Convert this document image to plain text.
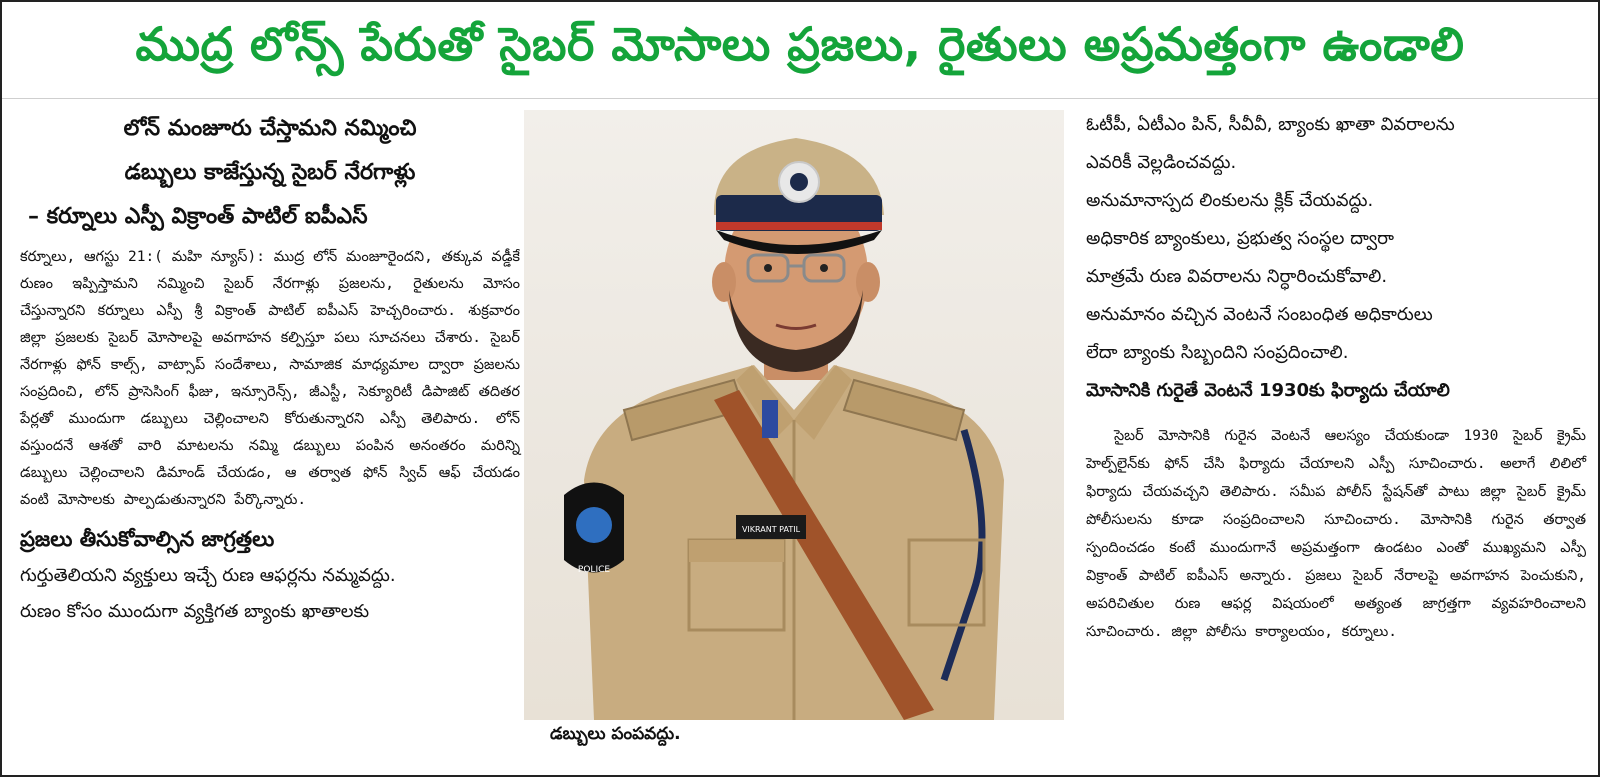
ముద్ర లోన్స్ పేరుతో సైబర్ మోసాలు ప్రజలు, రైతులు అప్రమత్తంగా ఉండాలి
లోన్ మంజూరు చేస్తామని నమ్మించి
డబ్బులు కాజేస్తున్న సైబర్ నేరగాళ్లు
– కర్నూలు ఎస్పీ విక్రాంత్ పాటిల్ ఐపీఎస్

కర్నూలు, ఆగస్టు 21:( మహి న్యూస్): ముద్ర లోన్ మంజూరైందని, తక్కువ వడ్డీకే రుణం ఇప్పిస్తామని నమ్మించి సైబర్ నేరగాళ్లు ప్రజలను, రైతులను మోసం చేస్తున్నారని కర్నూలు ఎస్పీ శ్రీ విక్రాంత్ పాటిల్ ఐపీఎస్ హెచ్చరించారు. శుక్రవారం జిల్లా ప్రజలకు సైబర్ మోసాలపై అవగాహన కల్పిస్తూ పలు సూచనలు చేశారు. సైబర్ నేరగాళ్లు ఫోన్ కాల్స్, వాట్సాప్ సందేశాలు, సామాజిక మాధ్యమాల ద్వారా ప్రజలను సంప్రదించి, లోన్ ప్రాసెసింగ్ ఫీజు, ఇన్సూరెన్స్, జీఎస్టీ, సెక్యూరిటీ డిపాజిట్ తదితర పేర్లతో ముందుగా డబ్బులు చెల్లించాలని కోరుతున్నారని ఎస్పీ తెలిపారు. లోన్ వస్తుందనే ఆశతో వారి మాటలను నమ్మి డబ్బులు పంపిన అనంతరం మరిన్ని డబ్బులు చెల్లించాలని డిమాండ్ చేయడం, ఆ తర్వాత ఫోన్ స్విచ్ ఆఫ్ చేయడం వంటి మోసాలకు పాల్పడుతున్నారని పేర్కొన్నారు.

ప్రజలు తీసుకోవాల్సిన జాగ్రత్తలు

గుర్తుతెలియని వ్యక్తులు ఇచ్చే రుణ ఆఫర్లను నమ్మవద్దు.

రుణం కోసం ముందుగా వ్యక్తిగత బ్యాంకు ఖాతాలకు

VIKRANT PATIL
POLICE
డబ్బులు పంపవద్దు.

ఓటీపీ, ఏటీఎం పిన్, సీవీవీ, బ్యాంకు ఖాతా వివరాలను

ఎవరికీ వెల్లడించవద్దు.

అనుమానాస్పద లింకులను క్లిక్ చేయవద్దు.

అధికారిక బ్యాంకులు, ప్రభుత్వ సంస్థల ద్వారా

మాత్రమే రుణ వివరాలను నిర్ధారించుకోవాలి.

అనుమానం వచ్చిన వెంటనే సంబంధిత అధికారులు

లేదా బ్యాంకు సిబ్బందిని సంప్రదించాలి.

మోసానికి గురైతే వెంటనే 1930కు ఫిర్యాదు చేయాలి

సైబర్ మోసానికి గురైన వెంటనే ఆలస్యం చేయకుండా 1930 సైబర్ క్రైమ్ హెల్ప్‌లైన్‌కు ఫోన్ చేసి ఫిర్యాదు చేయాలని ఎస్పీ సూచించారు. అలాగే లిలిలో ఫిర్యాదు చేయవచ్చని తెలిపారు. సమీప పోలీస్ స్టేషన్‌తో పాటు జిల్లా సైబర్ క్రైమ్ పోలీసులను కూడా సంప్రదించాలని సూచించారు. మోసానికి గురైన తర్వాత స్పందించడం కంటే ముందుగానే అప్రమత్తంగా ఉండటం ఎంతో ముఖ్యమని ఎస్పీ విక్రాంత్ పాటిల్ ఐపీఎస్ అన్నారు. ప్రజలు సైబర్ నేరాలపై అవగాహన పెంచుకుని, అపరిచితుల రుణ ఆఫర్ల విషయంలో అత్యంత జాగ్రత్తగా వ్యవహరించాలని సూచించారు. జిల్లా పోలీసు కార్యాలయం, కర్నూలు.
